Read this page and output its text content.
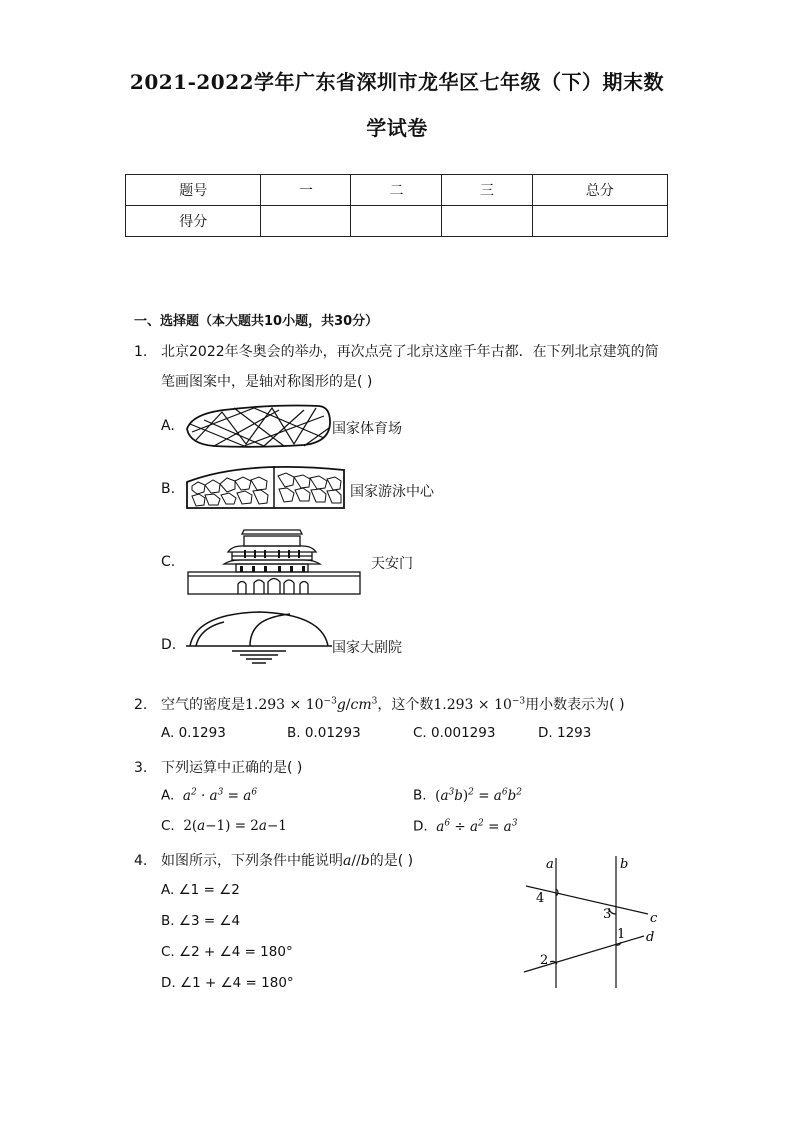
2021-2022学年广东省深圳市龙华区七年级（下）期末数
学试卷
题号	一	二	三	总分
得分				
一、选择题（本大题共10小题，共30分）
1. 北京2022年冬奥会的举办，再次点亮了北京这座千年古都．在下列北京建筑的简
笔画图案中，是轴对称图形的是( )
A.	国家体育场
B.	国家游泳中心
C.	天安门
D.	国家大剧院
2. 空气的密度是$1.293 \times 10^{-3}g/cm^3$，这个数$1.293 \times 10^{-3}$用小数表示为( )
A. 0.1293	B. 0.01293	C. 0.001293	D. 1293
3. 下列运算中正确的是( )
A. $a^2 \cdot a^3 = a^6$	B. $(a^3b)^2 = a^6b^2$
C. 2(a−1) = 2a−1	D. $a^6 \div a^2 = a^3$
4. 如图所示，下列条件中能说明a//b的是( )
A. ∠1 = ∠2
B. ∠3 = ∠4
C. ∠2 + ∠4 = 180°
D. ∠1 + ∠4 = 180°
a	b
c
d
1
2
3
4
